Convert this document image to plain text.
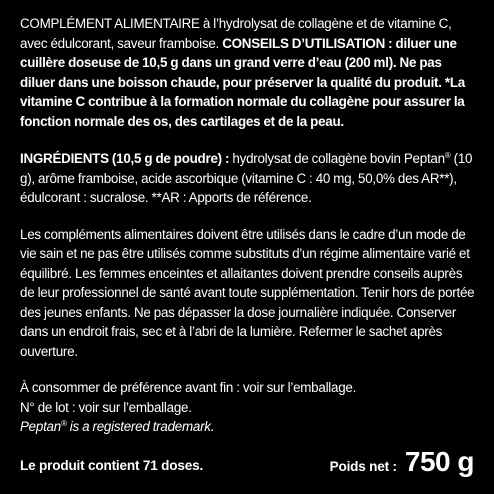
COMPLÉMENT ALIMENTAIRE à l’hydrolysat de collagène et de vitamine C, avec édulcorant, saveur framboise. CONSEILS D’UTILISATION : diluer une cuillère doseuse de 10,5 g dans un grand verre d’eau (200 ml). Ne pas diluer dans une boisson chaude, pour préserver la qualité du produit. *La vitamine C contribue à la formation normale du collagène pour assurer la fonction normale des os, des cartilages et de la peau.

INGRÉDIENTS (10,5 g de poudre) : hydrolysat de collagène bovin Peptan® (10 g), arôme framboise, acide ascorbique (vitamine C : 40 mg, 50,0% des AR**), édulcorant : sucralose. **AR : Apports de référence.

Les compléments alimentaires doivent être utilisés dans le cadre d’un mode de vie sain et ne pas être utilisés comme substituts d’un régime alimentaire varié et équilibré. Les femmes enceintes et allaitantes doivent prendre conseils auprès de leur professionnel de santé avant toute supplémentation. Tenir hors de portée des jeunes enfants. Ne pas dépasser la dose journalière indiquée. Conserver dans un endroit frais, sec et à l’abri de la lumière. Refermer le sachet après ouverture.

À consommer de préférence avant fin : voir sur l’emballage.

N° de lot : voir sur l’emballage.

Peptan® is a registered trademark.

Le produit contient 71 doses.	Poids net : 750 g
